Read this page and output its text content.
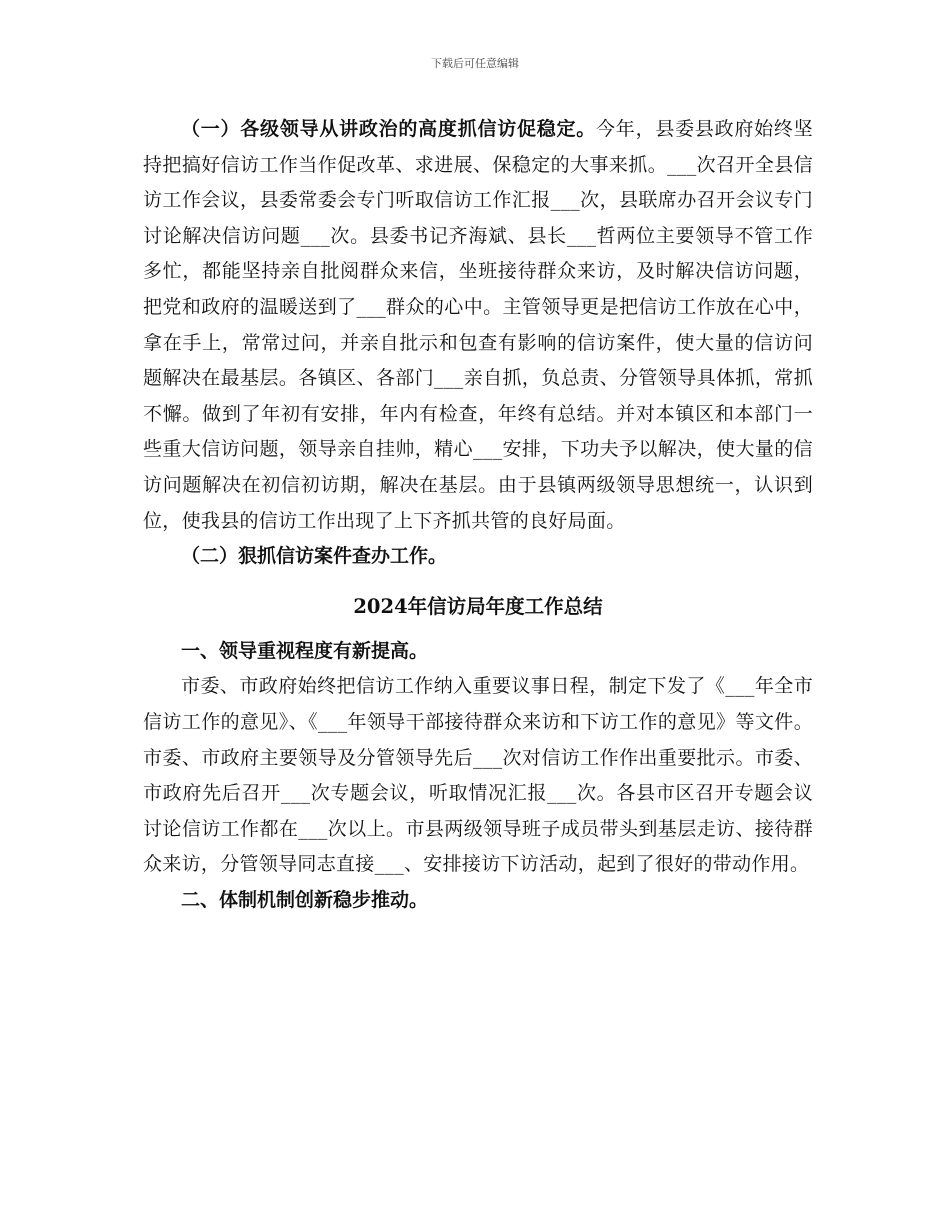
下载后可任意编辑

（一）各级领导从讲政治的高度抓信访促稳定。今年，县委县政府始终坚持把搞好信访工作当作促改革、求进展、保稳定的大事来抓。___次召开全县信访工作会议，县委常委会专门听取信访工作汇报___次，县联席办召开会议专门讨论解决信访问题___次。县委书记齐海斌、县长___哲两位主要领导不管工作多忙，都能坚持亲自批阅群众来信，坐班接待群众来访，及时解决信访问题，把党和政府的温暖送到了___群众的心中。主管领导更是把信访工作放在心中，拿在手上，常常过问，并亲自批示和包查有影响的信访案件，使大量的信访问题解决在最基层。各镇区、各部门___亲自抓，负总责、分管领导具体抓，常抓不懈。做到了年初有安排，年内有检查，年终有总结。并对本镇区和本部门一些重大信访问题，领导亲自挂帅，精心___安排，下功夫予以解决，使大量的信访问题解决在初信初访期，解决在基层。由于县镇两级领导思想统一，认识到位，使我县的信访工作出现了上下齐抓共管的良好局面。

（二）狠抓信访案件查办工作。

2024年信访局年度工作总结

一、领导重视程度有新提高。

市委、市政府始终把信访工作纳入重要议事日程，制定下发了《___年全市信访工作的意见》、《___年领导干部接待群众来访和下访工作的意见》等文件。市委、市政府主要领导及分管领导先后___次对信访工作作出重要批示。市委、市政府先后召开___次专题会议，听取情况汇报___次。各县市区召开专题会议讨论信访工作都在___次以上。市县两级领导班子成员带头到基层走访、接待群众来访，分管领导同志直接___、安排接访下访活动，起到了很好的带动作用。

二、体制机制创新稳步推动。
